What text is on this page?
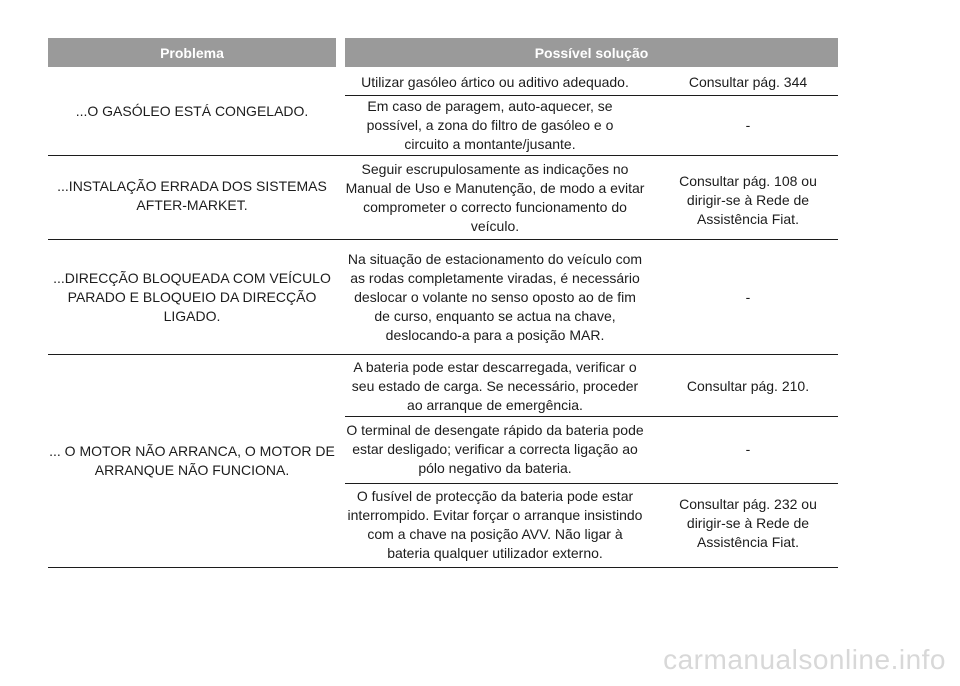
Problema	Possível solução
...O GASÓLEO ESTÁ CONGELADO.
Utilizar gasóleo ártico ou aditivo adequado.	Consultar pág. 344
Em caso de paragem, auto-aquecer, se possível, a zona do filtro de gasóleo e o circuito a montante/jusante.
-
...INSTALAÇÃO ERRADA DOS SISTEMAS AFTER-MARKET.
Seguir escrupulosamente as indicações no Manual de Uso e Manutenção, de modo a evitar comprometer o correcto funcionamento do veículo.
Consultar pág. 108 ou dirigir-se à Rede de Assistência Fiat.
...DIRECÇÃO BLOQUEADA COM VEÍCULO PARADO E BLOQUEIO DA DIRECÇÃO LIGADO.
Na situação de estacionamento do veículo com as rodas completamente viradas, é necessário deslocar o volante no senso oposto ao de fim de curso, enquanto se actua na chave, deslocando-a para a posição MAR.
-
... O MOTOR NÃO ARRANCA, O MOTOR DE ARRANQUE NÃO FUNCIONA.
A bateria pode estar descarregada, verificar o seu estado de carga. Se necessário, proceder ao arranque de emergência.
Consultar pág. 210.
O terminal de desengate rápido da bateria pode estar desligado; verificar a correcta ligação ao pólo negativo da bateria.
-
O fusível de protecção da bateria pode estar interrompido. Evitar forçar o arranque insistindo com a chave na posição AVV. Não ligar à bateria qualquer utilizador externo.
Consultar pág. 232 ou dirigir-se à Rede de Assistência Fiat.
carmanualsonline.info
